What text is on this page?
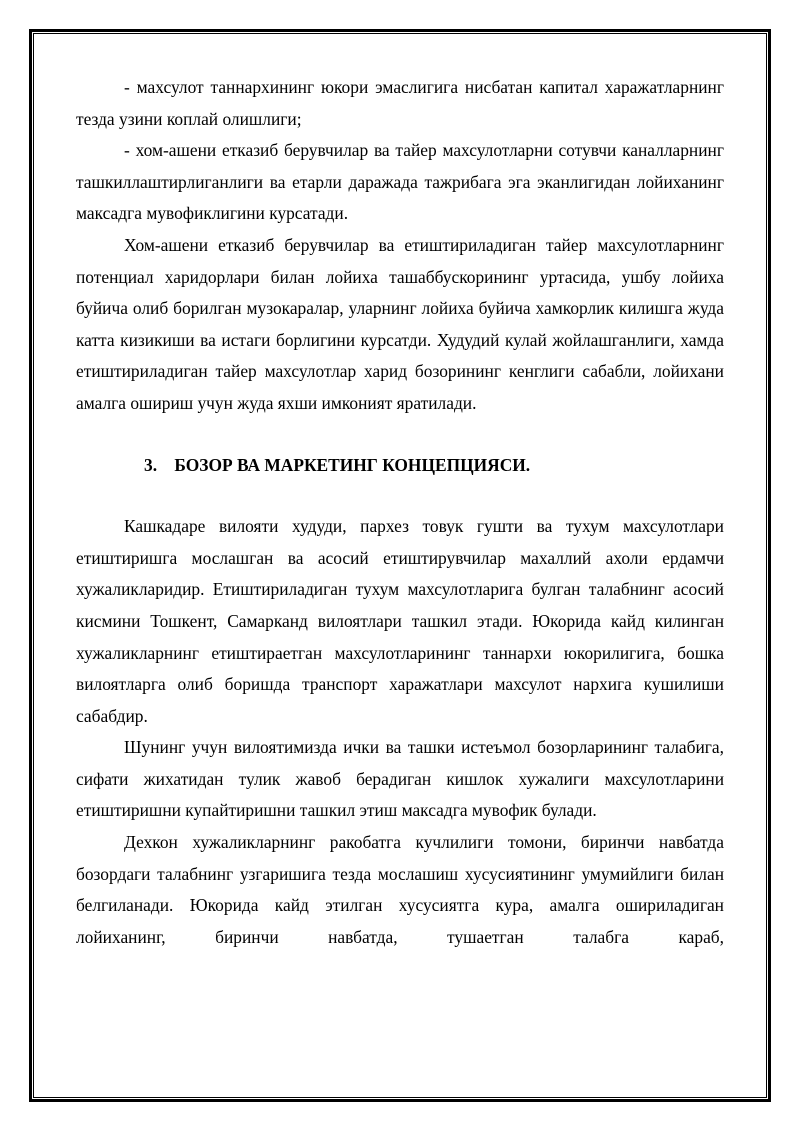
- махсулот таннархининг юкори эмаслигига нисбатан капитал харажатларнинг тезда узини коплай олишлиги;

- хом-ашени етказиб берувчилар ва тайер махсулотларни сотувчи каналларнинг ташкиллаштирлиганлиги ва етарли даражада тажрибага эга эканлигидан лойиханинг максадга мувофиклигини курсатади.

Хом-ашени етказиб берувчилар ва етиштириладиган тайер махсулотларнинг потенциал харидорлари билан лойиха ташаббускорининг уртасида, ушбу лойиха буйича олиб борилган музокаралар, уларнинг лойиха буйича хамкорлик килишга жуда катта кизикиши ва истаги борлигини курсатди. Худудий кулай жойлашганлиги, хамда етиштириладиган тайер махсулотлар харид бозорининг кенглиги сабабли, лойихани амалга ошириш учун жуда яхши имконият яратилади.

3. БОЗОР ВА МАРКЕТИНГ КОНЦЕПЦИЯСИ.

Кашкадаре вилояти худуди, пархез товук гушти ва тухум махсулотлари етиштиришга мослашган ва асосий етиштирувчилар махаллий ахоли ердамчи хужаликларидир. Етиштириладиган тухум махсулотларига булган талабнинг асосий кисмини Тошкент, Самарканд вилоятлари ташкил этади. Юкорида кайд килинган хужаликларнинг етиштираетган махсулотларининг таннархи юкорилигига, бошка вилоятларга олиб боришда транспорт харажатлари махсулот нархига кушилиши сабабдир.

Шунинг учун вилоятимизда ички ва ташки истеъмол бозорларининг талабига, сифати жихатидан тулик жавоб берадиган кишлок хужалиги махсулотларини етиштиришни купайтиришни ташкил этиш максадга мувофик булади.

Дехкон хужаликларнинг ракобатга кучлилиги томони, биринчи навбатда бозордаги талабнинг узгаришига тезда мослашиш хусусиятининг умумийлиги билан белгиланади. Юкорида кайд этилган хусусиятга кура, амалга ошириладиган лойиханинг, биринчи навбатда, тушаетган талабга караб,
